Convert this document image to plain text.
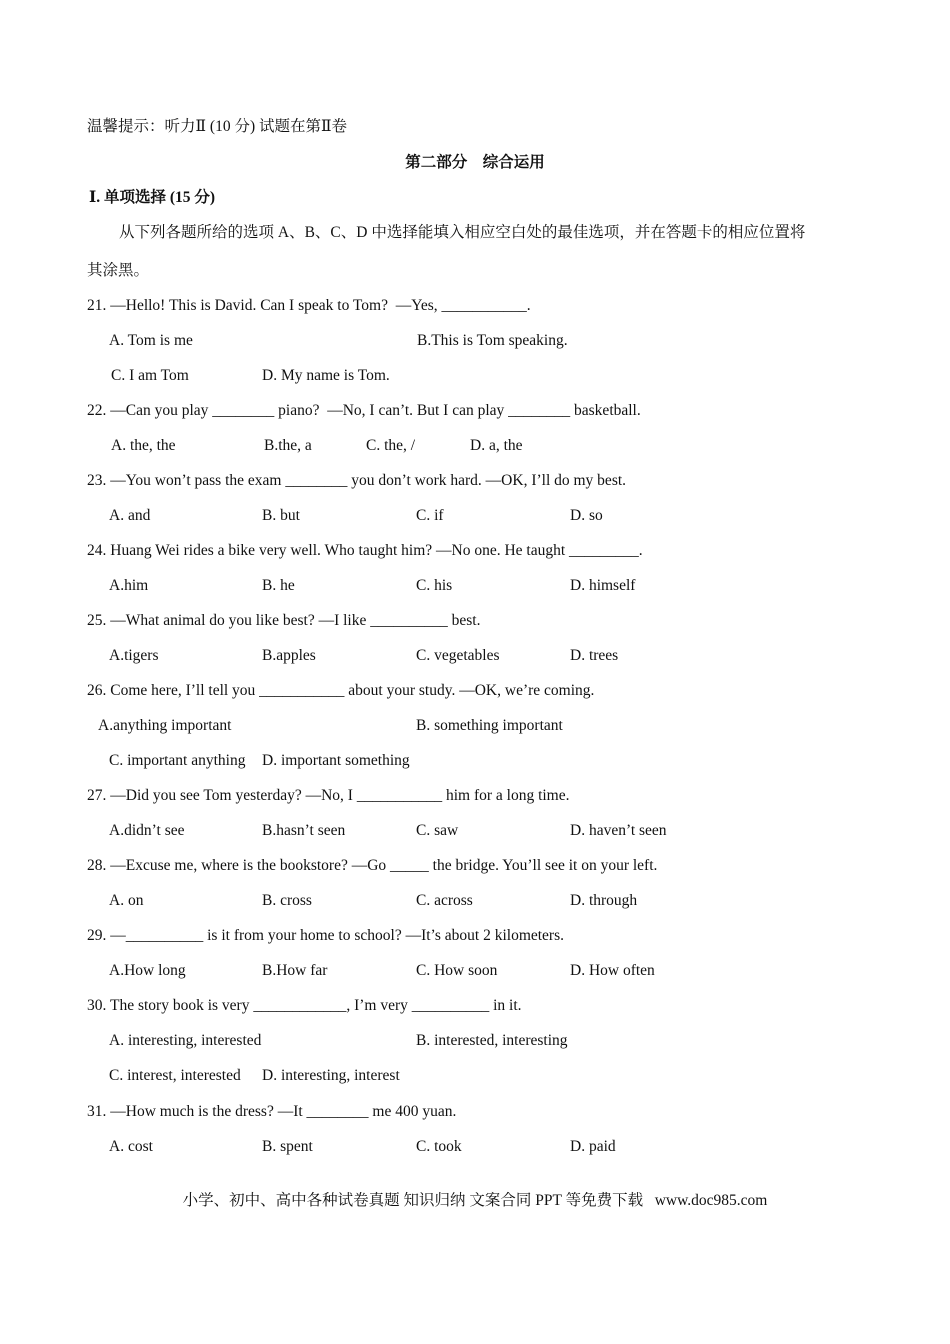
温馨提示：听力Ⅱ (10 分) 试题在第Ⅱ卷
第二部分　综合运用
Ⅰ. 单项选择 (15 分)
从下列各题所给的选项 A、B、C、D 中选择能填入相应空白处的最佳选项，并在答题卡的相应位置将
其涂黑。
21. —Hello! This is David. Can I speak to Tom?  —Yes, ___________.
A. Tom is me	B.This is Tom speaking.
C. I am Tom	D. My name is Tom.
22. —Can you play ________ piano?  —No, I can’t. But I can play ________ basketball.
A. the, the	B.the, a	C. the, /	D. a, the
23. —You won’t pass the exam ________ you don’t work hard. —OK, I’ll do my best.
A. and	B. but	C. if	D. so
24. Huang Wei rides a bike very well. Who taught him? —No one. He taught _________.
A.him	B. he	C. his	D. himself
25. —What animal do you like best? —I like __________ best.
A.tigers	B.apples	C. vegetables	D. trees
26. Come here, I’ll tell you ___________ about your study. —OK, we’re coming.
A.anything important	B. something important
C. important anything D. important something
27. —Did you see Tom yesterday? —No, I ___________ him for a long time.
A.didn’t see	B.hasn’t seen	C. saw	D. haven’t seen
28. —Excuse me, where is the bookstore? —Go _____ the bridge. You’ll see it on your left.
A. on	B. cross	C. across	D. through
29. —__________ is it from your home to school? —It’s about 2 kilometers.
A.How long	B.How far	C. How soon	D. How often
30. The story book is very ____________, I’m very __________ in it.
A. interesting, interested	B. interested, interesting
C. interest, interested D. interesting, interest
31. —How much is the dress? —It ________ me 400 yuan.
A. cost	B. spent	C. took	D. paid
小学、初中、高中各种试卷真题 知识归纳 文案合同 PPT 等免费下载   www.doc985.com
